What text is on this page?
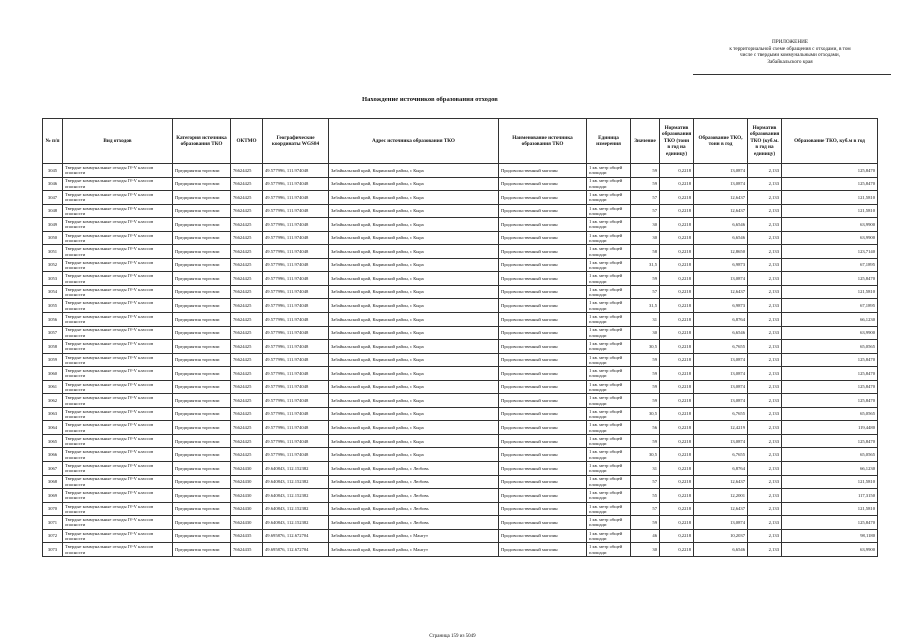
ПРИЛОЖЕНИЕ
к территориальной схеме обращения с отходами, в том
числе с твердыми коммунальными отходами,
Забайкальского края
Нахождение источников образования отходов
№ п/п	Вид отходов	Категория источника образования ТКО	ОКТМО	Географические координаты WGS84	Адрес источника образования ТКО	Наименование источника образования ТКО	Единица измерения	Значение	Норматив образования ТКО (тонн в год на единицу)	Образование ТКО, тонн в год	Норматив образования ТКО (куб.м. в год на единицу)	Образование ТКО, куб.м в год
3045	Твердые коммунальные отходы IV-V классов опасности	Предприятия торговли	76624425	49.577996, 111.974048	Забайкальский край, Кыринский район, с Кыра	Продовольственный магазин	1 кв. метр общей площади	59	0,2218	13,0874	2,133	125,8470
3046	Твердые коммунальные отходы IV-V классов опасности	Предприятия торговли	76624425	49.577996, 111.974048	Забайкальский край, Кыринский район, с Кыра	Продовольственный магазин	1 кв. метр общей площади	59	0,2218	13,0874	2,133	125,8470
3047	Твердые коммунальные отходы IV-V классов опасности	Предприятия торговли	76624425	49.577996, 111.974048	Забайкальский край, Кыринский район, с Кыра	Продовольственный магазин	1 кв. метр общей площади	57	0,2218	12,6437	2,133	121,5810
3048	Твердые коммунальные отходы IV-V классов опасности	Предприятия торговли	76624425	49.577996, 111.974048	Забайкальский край, Кыринский район, с Кыра	Продовольственный магазин	1 кв. метр общей площади	57	0,2218	12,6437	2,133	121,5810
3049	Твердые коммунальные отходы IV-V классов опасности	Предприятия торговли	76624425	49.577996, 111.974048	Забайкальский край, Кыринский район, с Кыра	Продовольственный магазин	1 кв. метр общей площади	30	0,2218	6,6546	2,133	63,9900
3050	Твердые коммунальные отходы IV-V классов опасности	Предприятия торговли	76624425	49.577996, 111.974048	Забайкальский край, Кыринский район, с Кыра	Продовольственный магазин	1 кв. метр общей площади	30	0,2218	6,6546	2,133	63,9900
3051	Твердые коммунальные отходы IV-V классов опасности	Предприятия торговли	76624425	49.577996, 111.974048	Забайкальский край, Кыринский район, с Кыра	Продовольственный магазин	1 кв. метр общей площади	58	0,2218	12,8650	2,133	123,7140
3052	Твердые коммунальные отходы IV-V классов опасности	Предприятия торговли	76624425	49.577996, 111.974048	Забайкальский край, Кыринский район, с Кыра	Продовольственный магазин	1 кв. метр общей площади	31,5	0,2218	6,9873	2,133	67,1895
3053	Твердые коммунальные отходы IV-V классов опасности	Предприятия торговли	76624425	49.577996, 111.974048	Забайкальский край, Кыринский район, с Кыра	Продовольственный магазин	1 кв. метр общей площади	59	0,2218	13,0874	2,133	125,8470
3054	Твердые коммунальные отходы IV-V классов опасности	Предприятия торговли	76624425	49.577996, 111.974048	Забайкальский край, Кыринский район, с Кыра	Продовольственный магазин	1 кв. метр общей площади	57	0,2218	12,6437	2,133	121,5810
3055	Твердые коммунальные отходы IV-V классов опасности	Предприятия торговли	76624425	49.577996, 111.974048	Забайкальский край, Кыринский район, с Кыра	Продовольственный магазин	1 кв. метр общей площади	31,5	0,2218	6,9873	2,133	67,1895
3056	Твердые коммунальные отходы IV-V классов опасности	Предприятия торговли	76624425	49.577996, 111.974048	Забайкальский край, Кыринский район, с Кыра	Продовольственный магазин	1 кв. метр общей площади	31	0,2218	6,8764	2,133	66,1230
3057	Твердые коммунальные отходы IV-V классов опасности	Предприятия торговли	76624425	49.577996, 111.974048	Забайкальский край, Кыринский район, с Кыра	Продовольственный магазин	1 кв. метр общей площади	30	0,2218	6,6546	2,133	63,9900
3058	Твердые коммунальные отходы IV-V классов опасности	Предприятия торговли	76624425	49.577996, 111.974048	Забайкальский край, Кыринский район, с Кыра	Продовольственный магазин	1 кв. метр общей площади	30,5	0,2218	6,7655	2,133	65,0565
3059	Твердые коммунальные отходы IV-V классов опасности	Предприятия торговли	76624425	49.577996, 111.974048	Забайкальский край, Кыринский район, с Кыра	Продовольственный магазин	1 кв. метр общей площади	59	0,2218	13,0874	2,133	125,8470
3060	Твердые коммунальные отходы IV-V классов опасности	Предприятия торговли	76624425	49.577996, 111.974048	Забайкальский край, Кыринский район, с Кыра	Продовольственный магазин	1 кв. метр общей площади	59	0,2218	13,0874	2,133	125,8470
3061	Твердые коммунальные отходы IV-V классов опасности	Предприятия торговли	76624425	49.577996, 111.974048	Забайкальский край, Кыринский район, с Кыра	Продовольственный магазин	1 кв. метр общей площади	59	0,2218	13,0874	2,133	125,8470
3062	Твердые коммунальные отходы IV-V классов опасности	Предприятия торговли	76624425	49.577996, 111.974048	Забайкальский край, Кыринский район, с Кыра	Продовольственный магазин	1 кв. метр общей площади	59	0,2218	13,0874	2,133	125,8470
3063	Твердые коммунальные отходы IV-V классов опасности	Предприятия торговли	76624425	49.577996, 111.974048	Забайкальский край, Кыринский район, с Кыра	Продовольственный магазин	1 кв. метр общей площади	30,5	0,2218	6,7655	2,133	65,0565
3064	Твердые коммунальные отходы IV-V классов опасности	Предприятия торговли	76624425	49.577996, 111.974048	Забайкальский край, Кыринский район, с Кыра	Продовольственный магазин	1 кв. метр общей площади	56	0,2218	12,4219	2,133	119,4480
3065	Твердые коммунальные отходы IV-V классов опасности	Предприятия торговли	76624425	49.577996, 111.974048	Забайкальский край, Кыринский район, с Кыра	Продовольственный магазин	1 кв. метр общей площади	59	0,2218	13,0874	2,133	125,8470
3066	Твердые коммунальные отходы IV-V классов опасности	Предприятия торговли	76624425	49.577996, 111.974048	Забайкальский край, Кыринский район, с Кыра	Продовольственный магазин	1 кв. метр общей площади	30,5	0,2218	6,7655	2,133	65,0565
3067	Твердые коммунальные отходы IV-V классов опасности	Предприятия торговли	76624430	49.640843, 112.152382	Забайкальский край, Кыринский район, с Любовь	Продовольственный магазин	1 кв. метр общей площади	31	0,2218	6,8764	2,133	66,1230
3068	Твердые коммунальные отходы IV-V классов опасности	Предприятия торговли	76624430	49.640843, 112.152382	Забайкальский край, Кыринский район, с Любовь	Продовольственный магазин	1 кв. метр общей площади	57	0,2218	12,6437	2,133	121,5810
3069	Твердые коммунальные отходы IV-V классов опасности	Предприятия торговли	76624430	49.640843, 112.152382	Забайкальский край, Кыринский район, с Любовь	Продовольственный магазин	1 кв. метр общей площади	55	0,2218	12,2001	2,133	117,3150
3070	Твердые коммунальные отходы IV-V классов опасности	Предприятия торговли	76624430	49.640843, 112.152382	Забайкальский край, Кыринский район, с Любовь	Продовольственный магазин	1 кв. метр общей площади	57	0,2218	12,6437	2,133	121,5810
3071	Твердые коммунальные отходы IV-V классов опасности	Предприятия торговли	76624430	49.640843, 112.152382	Забайкальский край, Кыринский район, с Любовь	Продовольственный магазин	1 кв. метр общей площади	59	0,2218	13,0874	2,133	125,8470
3072	Твердые коммунальные отходы IV-V классов опасности	Предприятия торговли	76624435	49.695876, 112.672704	Забайкальский край, Кыринский район, с Мангут	Продовольственный магазин	1 кв. метр общей площади	46	0,2218	10,2037	2,133	98,1180
3073	Твердые коммунальные отходы IV-V классов опасности	Предприятия торговли	76624435	49.695876, 112.672704	Забайкальский край, Кыринский район, с Мангут	Продовольственный магазин	1 кв. метр общей площади	30	0,2218	6,6546	2,133	63,9900
Страница 159 из 5049
